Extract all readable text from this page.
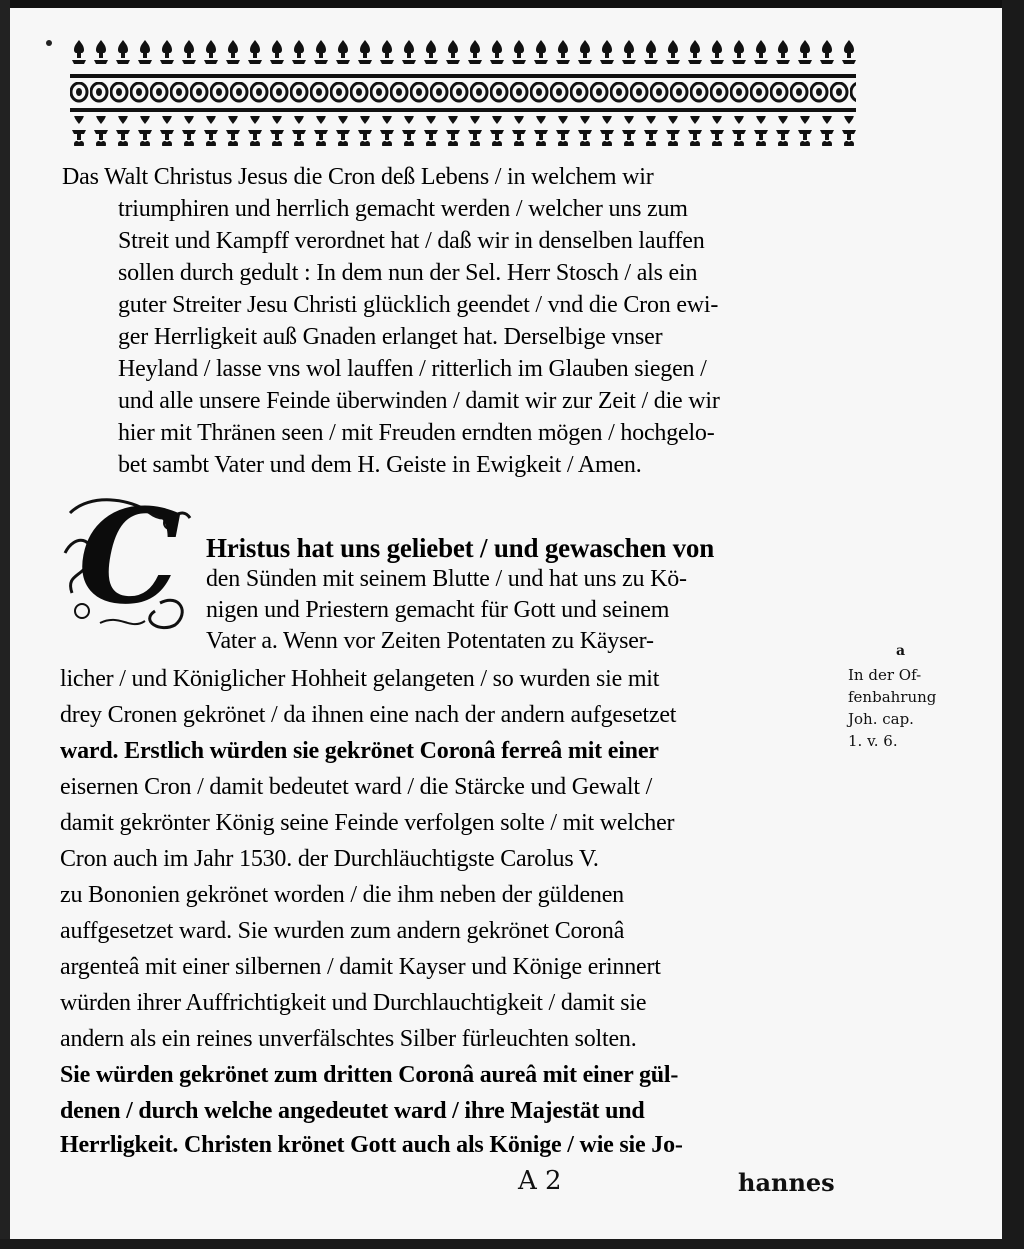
Das Walt Christus Jesus die Cron deß Lebens / in welchem wir
triumphiren und herrlich gemacht werden / welcher uns zum
Streit und Kampff verordnet hat / daß wir in denselben lauffen
sollen durch gedult : In dem nun der Sel. Herr Stosch / als ein
guter Streiter Jesu Christi glücklich geendet / vnd die Cron ewi-
ger Herrligkeit auß Gnaden erlanget hat. Derselbige vnser
Heyland / lasse vns wol lauffen / ritterlich im Glauben siegen /
und alle unsere Feinde überwinden / damit wir zur Zeit / die wir
hier mit Thränen seen / mit Freuden erndten mögen / hochgelo-
bet sambt Vater und dem H. Geiste in Ewigkeit / Amen.
C Hristus hat uns geliebet / und gewaschen von
den Sünden mit seinem Blutte / und hat uns zu Kö-
nigen und Priestern gemacht für Gott und seinem
Vater a. Wenn vor Zeiten Potentaten zu Käyser-
licher / und Königlicher Hohheit gelangeten / so wurden sie mit
drey Cronen gekrönet / da ihnen eine nach der andern aufgesetzet
ward. Erstlich würden sie gekrönet Coronâ ferreâ mit einer
eisernen Cron / damit bedeutet ward / die Stärcke und Gewalt /
damit gekrönter König seine Feinde verfolgen solte / mit welcher
Cron auch im Jahr 1530. der Durchläuchtigste Carolus V.
zu Bononien gekrönet worden / die ihm neben der güldenen
auffgesetzet ward. Sie wurden zum andern gekrönet Coronâ
argenteâ mit einer silbernen / damit Kayser und Könige erinnert
würden ihrer Auffrichtigkeit und Durchlauchtigkeit / damit sie
andern als ein reines unverfälschtes Silber fürleuchten solten.
Sie würden gekrönet zum dritten Coronâ aureâ mit einer gül-
denen / durch welche angedeutet ward / ihre Majestät und
Herrligkeit. Christen krönet Gott auch als Könige / wie sie Jo-
a
In der Of-
fenbahrung
Joh. cap.
1. v. 6.
A 2	hannes
